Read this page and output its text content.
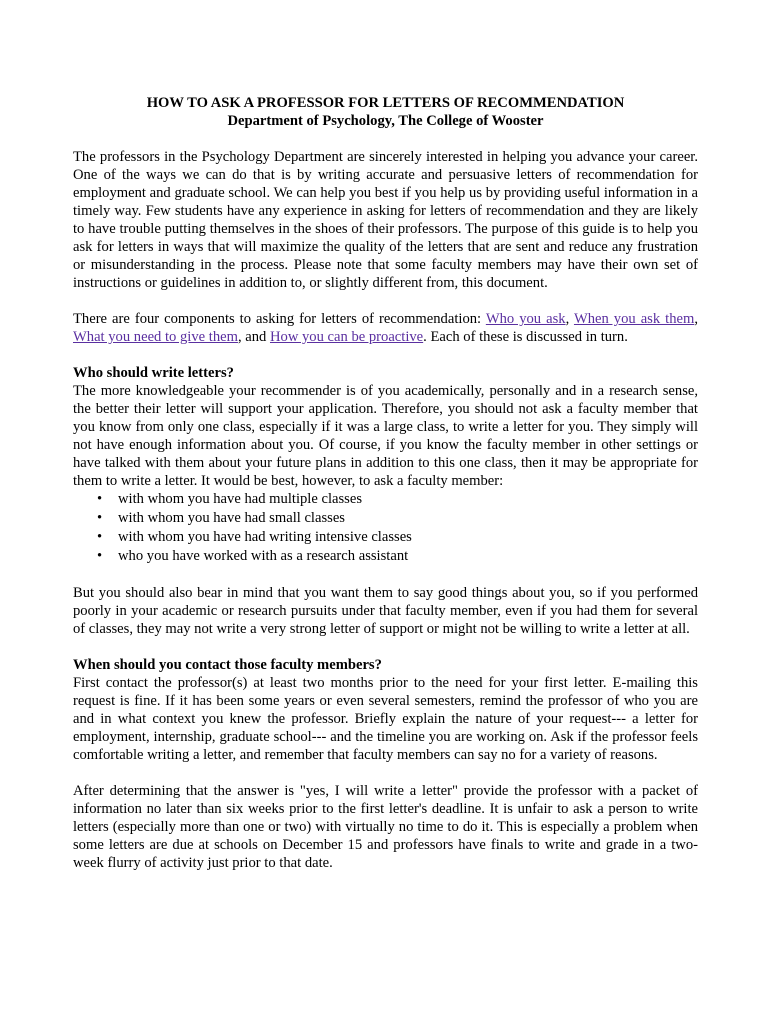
HOW TO ASK A PROFESSOR FOR LETTERS OF RECOMMENDATION
Department of Psychology, The College of Wooster

The professors in the Psychology Department are sincerely interested in helping you advance your career. One of the ways we can do that is by writing accurate and persuasive letters of recommendation for employment and graduate school. We can help you best if you help us by providing useful information in a timely way. Few students have any experience in asking for letters of recommendation and they are likely to have trouble putting themselves in the shoes of their professors. The purpose of this guide is to help you ask for letters in ways that will maximize the quality of the letters that are sent and reduce any frustration or misunderstanding in the process. Please note that some faculty members may have their own set of instructions or guidelines in addition to, or slightly different from, this document.

There are four components to asking for letters of recommendation: Who you ask, When you ask them, What you need to give them, and How you can be proactive. Each of these is discussed in turn.

Who should write letters?

The more knowledgeable your recommender is of you academically, personally and in a research sense, the better their letter will support your application. Therefore, you should not ask a faculty member that you know from only one class, especially if it was a large class, to write a letter for you. They simply will not have enough information about you. Of course, if you know the faculty member in other settings or have talked with them about your future plans in addition to this one class, then it may be appropriate for them to write a letter. It would be best, however, to ask a faculty member:

• with whom you have had multiple classes
• with whom you have had small classes
• with whom you have had writing intensive classes
• who you have worked with as a research assistant

But you should also bear in mind that you want them to say good things about you, so if you performed poorly in your academic or research pursuits under that faculty member, even if you had them for several of classes, they may not write a very strong letter of support or might not be willing to write a letter at all.

When should you contact those faculty members?

First contact the professor(s) at least two months prior to the need for your first letter. E-mailing this request is fine. If it has been some years or even several semesters, remind the professor of who you are and in what context you knew the professor. Briefly explain the nature of your request--- a letter for employment, internship, graduate school--- and the timeline you are working on. Ask if the professor feels comfortable writing a letter, and remember that faculty members can say no for a variety of reasons.

After determining that the answer is "yes, I will write a letter" provide the professor with a packet of information no later than six weeks prior to the first letter's deadline. It is unfair to ask a person to write letters (especially more than one or two) with virtually no time to do it. This is especially a problem when some letters are due at schools on December 15 and professors have finals to write and grade in a two-week flurry of activity just prior to that date.
